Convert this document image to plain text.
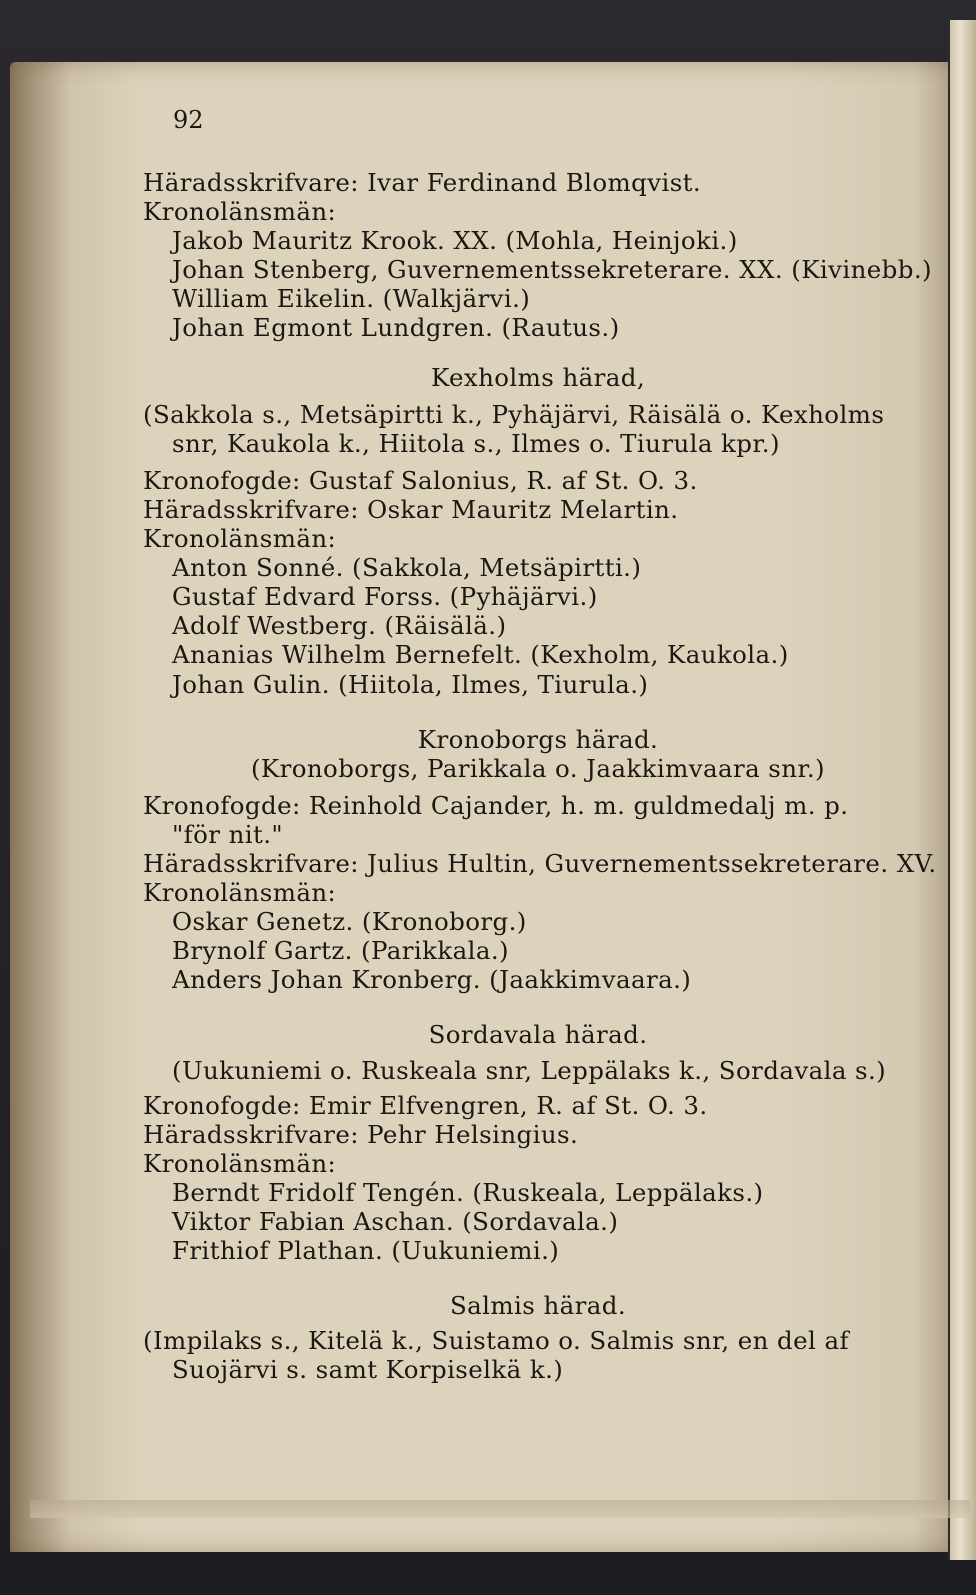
92
Häradsskrifvare: Ivar Ferdinand Blomqvist.
Kronolänsmän:
Jakob Mauritz Krook. XX. (Mohla, Heinjoki.)
Johan Stenberg, Guvernementssekreterare. XX. (Kivinebb.)
William Eikelin. (Walkjärvi.)
Johan Egmont Lundgren. (Rautus.)
Kexholms härad,
(Sakkola s., Metsäpirtti k., Pyhäjärvi, Räisälä o. Kexholms
snr, Kaukola k., Hiitola s., Ilmes o. Tiurula kpr.)
Kronofogde: Gustaf Salonius, R. af St. O. 3.
Häradsskrifvare: Oskar Mauritz Melartin.
Kronolänsmän:
Anton Sonné. (Sakkola, Metsäpirtti.)
Gustaf Edvard Forss. (Pyhäjärvi.)
Adolf Westberg. (Räisälä.)
Ananias Wilhelm Bernefelt. (Kexholm, Kaukola.)
Johan Gulin. (Hiitola, Ilmes, Tiurula.)
Kronoborgs härad.
(Kronoborgs, Parikkala o. Jaakkimvaara snr.)
Kronofogde: Reinhold Cajander, h. m. guldmedalj m. p.
"för nit."
Häradsskrifvare: Julius Hultin, Guvernementssekreterare. XV.
Kronolänsmän:
Oskar Genetz. (Kronoborg.)
Brynolf Gartz. (Parikkala.)
Anders Johan Kronberg. (Jaakkimvaara.)
Sordavala härad.
(Uukuniemi o. Ruskeala snr, Leppälaks k., Sordavala s.)
Kronofogde: Emir Elfvengren, R. af St. O. 3.
Häradsskrifvare: Pehr Helsingius.
Kronolänsmän:
Berndt Fridolf Tengén. (Ruskeala, Leppälaks.)
Viktor Fabian Aschan. (Sordavala.)
Frithiof Plathan. (Uukuniemi.)
Salmis härad.
(Impilaks s., Kitelä k., Suistamo o. Salmis snr, en del af
Suojärvi s. samt Korpiselkä k.)
